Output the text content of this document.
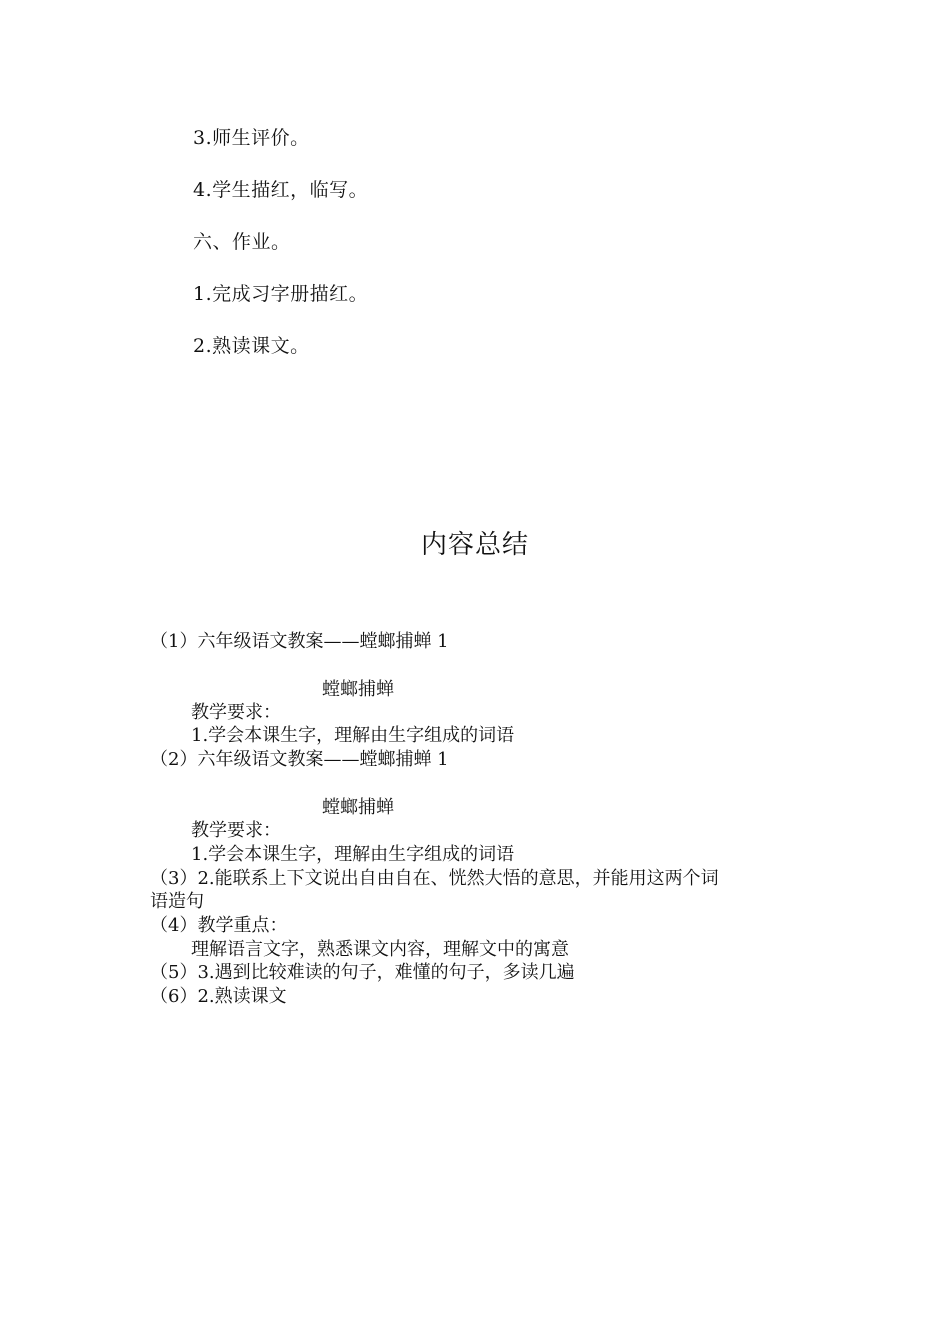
3.师生评价。
4.学生描红，临写。
六、作业。
1.完成习字册描红。
2.熟读课文。
内容总结
（1）六年级语文教案——螳螂捕蝉 1
螳螂捕蝉
教学要求：
1.学会本课生字，理解由生字组成的词语
（2）六年级语文教案——螳螂捕蝉 1
螳螂捕蝉
教学要求：
1.学会本课生字，理解由生字组成的词语
（3）2.能联系上下文说出自由自在、恍然大悟的意思，并能用这两个词
语造句
（4）教学重点：
理解语言文字，熟悉课文内容，理解文中的寓意
（5）3.遇到比较难读的句子，难懂的句子，多读几遍
（6）2.熟读课文
